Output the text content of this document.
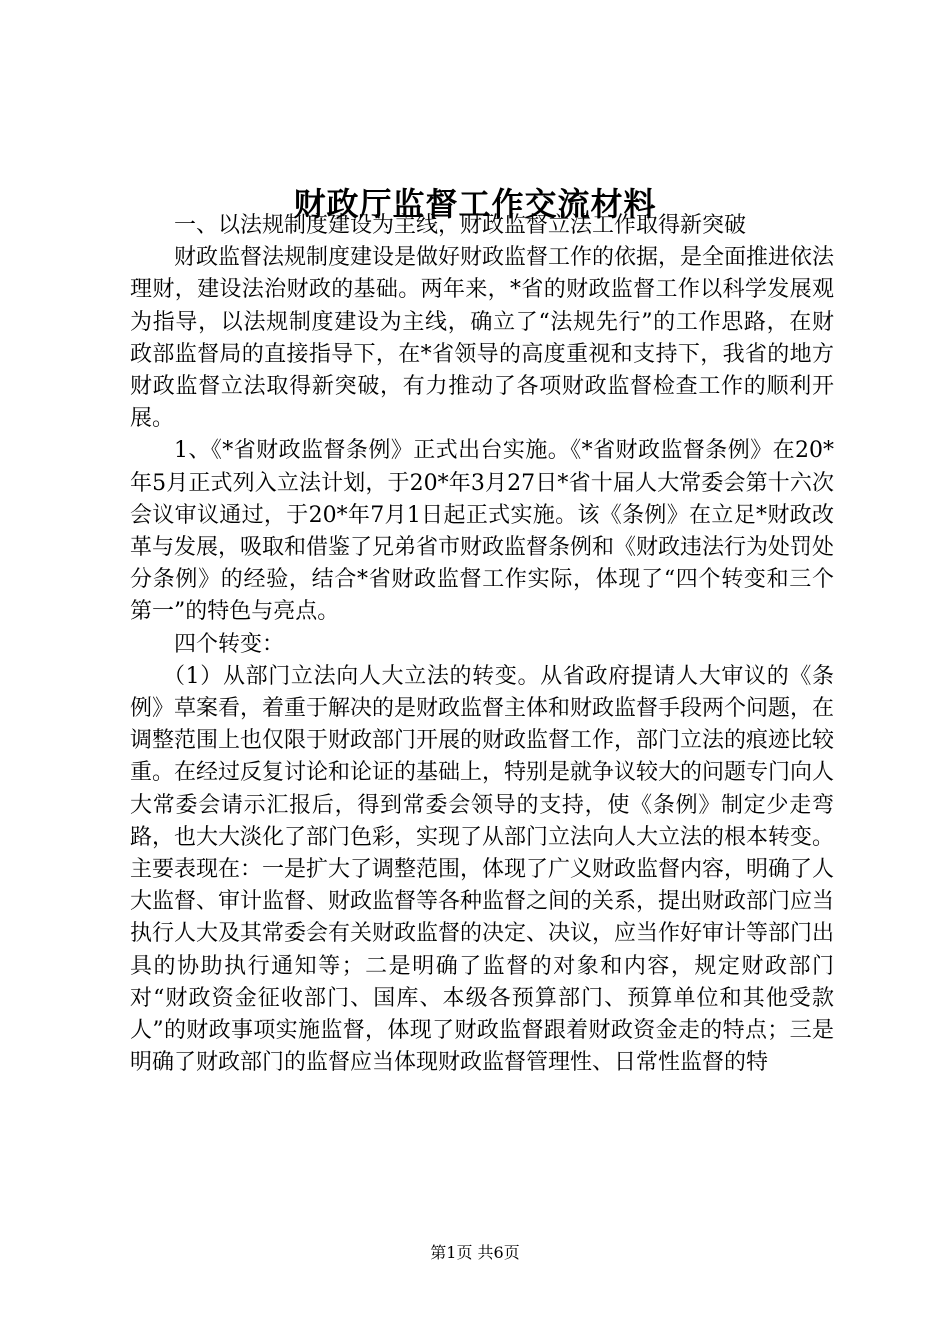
财政厅监督工作交流材料

一、以法规制度建设为主线，财政监督立法工作取得新突破

财政监督法规制度建设是做好财政监督工作的依据，是全面推进依法理财，建设法治财政的基础。两年来，*省的财政监督工作以科学发展观为指导，以法规制度建设为主线，确立了“法规先行”的工作思路，在财政部监督局的直接指导下，在*省领导的高度重视和支持下，我省的地方财政监督立法取得新突破，有力推动了各项财政监督检查工作的顺利开展。

1、《*省财政监督条例》正式出台实施。《*省财政监督条例》在20*年5月正式列入立法计划，于20*年3月27日*省十届人大常委会第十六次会议审议通过，于20*年7月1日起正式实施。该《条例》在立足*财政改革与发展，吸取和借鉴了兄弟省市财政监督条例和《财政违法行为处罚处分条例》的经验，结合*省财政监督工作实际，体现了“四个转变和三个第一”的特色与亮点。

四个转变：

（1）从部门立法向人大立法的转变。从省政府提请人大审议的《条例》草案看，着重于解决的是财政监督主体和财政监督手段两个问题，在调整范围上也仅限于财政部门开展的财政监督工作，部门立法的痕迹比较重。在经过反复讨论和论证的基础上，特别是就争议较大的问题专门向人大常委会请示汇报后，得到常委会领导的支持，使《条例》制定少走弯路，也大大淡化了部门色彩，实现了从部门立法向人大立法的根本转变。主要表现在：一是扩大了调整范围，体现了广义财政监督内容，明确了人大监督、审计监督、财政监督等各种监督之间的关系，提出财政部门应当执行人大及其常委会有关财政监督的决定、决议，应当作好审计等部门出具的协助执行通知等；二是明确了监督的对象和内容，规定财政部门对“财政资金征收部门、国库、本级各预算部门、预算单位和其他受款人”的财政事项实施监督，体现了财政监督跟着财政资金走的特点；三是明确了财政部门的监督应当体现财政监督管理性、日常性监督的特

第1页 共6页
